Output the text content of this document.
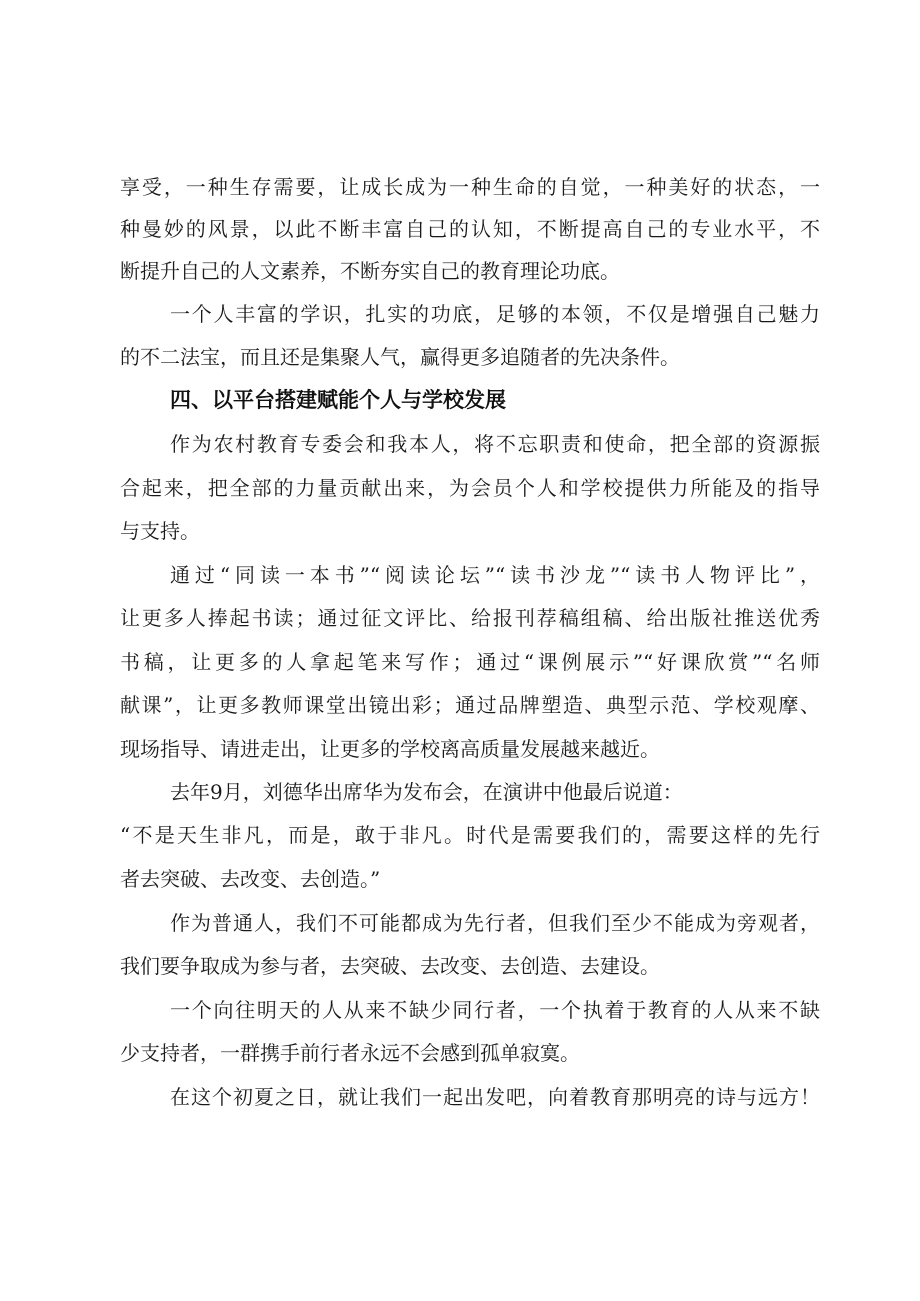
享受，一种生存需要，让成长成为一种生命的自觉，一种美好的状态，一
种曼妙的风景，以此不断丰富自己的认知，不断提高自己的专业水平，不
断提升自己的人文素养，不断夯实自己的教育理论功底。
一个人丰富的学识，扎实的功底，足够的本领，不仅是增强自己魅力
的不二法宝，而且还是集聚人气，赢得更多追随者的先决条件。
四、以平台搭建赋能个人与学校发展
作为农村教育专委会和我本人，将不忘职责和使命，把全部的资源振
合起来，把全部的力量贡献出来，为会员个人和学校提供力所能及的指导
与支持。
通过“同读一本书”“阅读论坛”“读书沙龙”“读书人物评比”，
让更多人捧起书读；通过征文评比、给报刊荐稿组稿、给出版社推送优秀
书稿，让更多的人拿起笔来写作；通过“课例展示”“好课欣赏”“名师
献课”，让更多教师课堂出镜出彩；通过品牌塑造、典型示范、学校观摩、
现场指导、请进走出，让更多的学校离高质量发展越来越近。
去年9月，刘德华出席华为发布会，在演讲中他最后说道：
“不是天生非凡，而是，敢于非凡。时代是需要我们的，需要这样的先行
者去突破、去改变、去创造。”
作为普通人，我们不可能都成为先行者，但我们至少不能成为旁观者，
我们要争取成为参与者，去突破、去改变、去创造、去建设。
一个向往明天的人从来不缺少同行者，一个执着于教育的人从来不缺
少支持者，一群携手前行者永远不会感到孤单寂寞。
在这个初夏之日，就让我们一起出发吧，向着教育那明亮的诗与远方！
